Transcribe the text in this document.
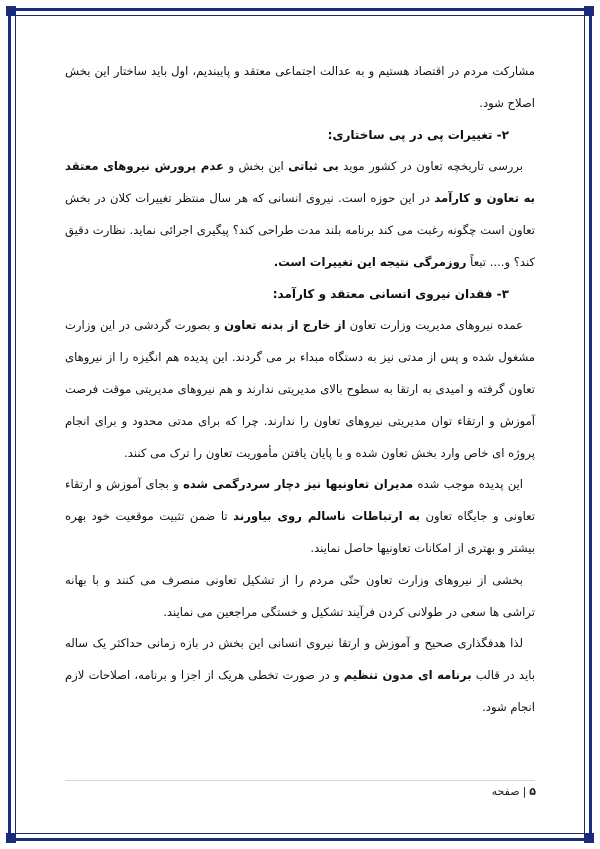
مشارکت مردم در اقتصاد هستیم و به عدالت اجتماعی معتقد و پایبندیم، اول باید ساختار این بخش اصلاح شود.

۲- تغییرات پی در پی ساختاری:

بررسی تاریخچه تعاون در کشور موید بی ثباتی این بخش و عدم پرورش نیروهای معتقد به تعاون و کارآمد در این حوزه است. نیروی انسانی که هر سال منتظر تغییرات کلان در بخش تعاون است چگونه رغبت می کند برنامه بلند مدت طراحی کند؟ پیگیری اجرائی نماید. نظارت دقیق کند؟ و.... تبعاً روزمرگی نتیجه این تغییرات است.

۳- فقدان نیروی انسانی معتقد و کارآمد:

عمده نیروهای مدیریت وزارت تعاون از خارج از بدنه تعاون و بصورت گردشی در این وزارت مشغول شده و پس از مدتی نیز به دستگاه مبداء بر می گردند. این پدیده هم انگیزه را از نیروهای تعاون گرفته و امیدی به ارتقا به سطوح بالای مدیریتی ندارند و هم نیروهای مدیریتی موقت فرصت آموزش و ارتقاء توان مدیریتی نیروهای تعاون را ندارند. چرا که برای مدتی محدود و برای انجام پروژه ای خاص وارد بخش تعاون شده و با پایان یافتن مأموریت تعاون را ترک می کنند.

این پدیده موجب شده مدیران تعاونیها نیز دچار سردرگمی شده و بجای آموزش و ارتقاء تعاونی و جایگاه تعاون به ارتباطات ناسالم روی بیاورند تا ضمن تثبیت موقعیت خود بهره بیشتر و بهتری از امکانات تعاونیها حاصل نمایند.

بخشی از نیروهای وزارت تعاون حتّی مردم را از تشکیل تعاونی منصرف می کنند و با بهانه تراشی ها سعی در طولانی کردن فرآیند تشکیل و خستگی مراجعین می نمایند.

لذا هدفگذاری صحیح و آموزش و ارتقا نیروی انسانی این بخش در بازه زمانی حداکثر یک ساله باید در قالب برنامه ای مدون تنظیم و در صورت تخطی هریک از اجزا و برنامه، اصلاحات لازم انجام شود.

۵|صفحه
